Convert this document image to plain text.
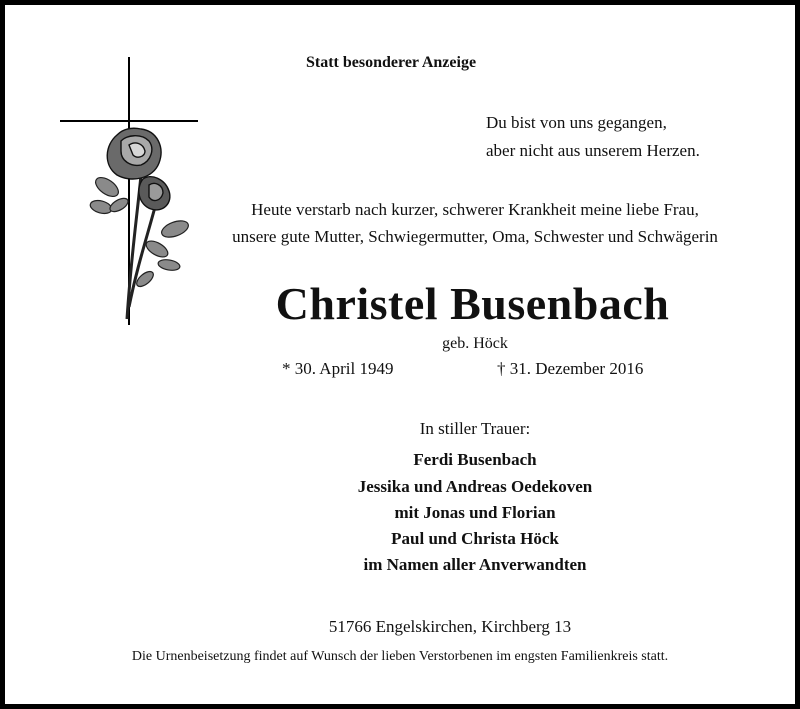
Statt besonderer Anzeige
Du bist von uns gegangen,
aber nicht aus unserem Herzen.
Heute verstarb nach kurzer, schwerer Krankheit meine liebe Frau,
unsere gute Mutter, Schwiegermutter, Oma, Schwester und Schwägerin
Christel Busenbach
geb. Höck
* 30. April 1949	† 31. Dezember 2016
In stiller Trauer:
Ferdi Busenbach
Jessika und Andreas Oedekoven
mit Jonas und Florian
Paul und Christa Höck
im Namen aller Anverwandten
51766 Engelskirchen, Kirchberg 13
Die Urnenbeisetzung findet auf Wunsch der lieben Verstorbenen im engsten Familienkreis statt.
